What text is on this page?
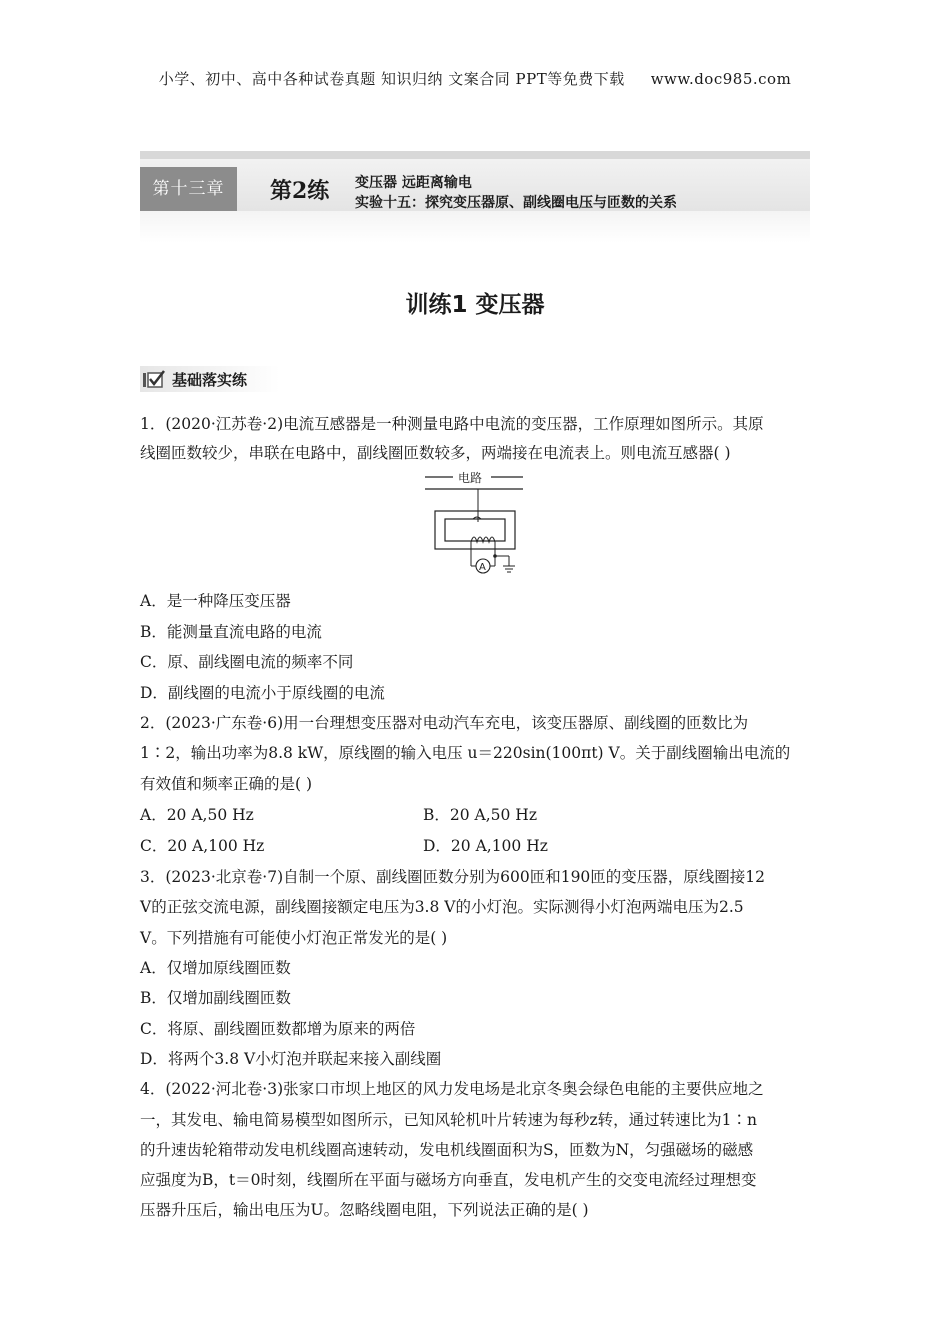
小学、初中、高中各种试卷真题 知识归纳 文案合同 PPT等免费下载 www.doc985.com
第十三章	第2练 变压器 远距离输电
实验十五：探究变压器原、副线圈电压与匝数的关系
训练1 变压器
基础落实练
1．(2020·江苏卷·2)电流互感器是一种测量电路中电流的变压器，工作原理如图所示。其原
线圈匝数较少，串联在电路中，副线圈匝数较多，两端接在电流表上。则电流互感器( )
电路
A
A．是一种降压变压器
B．能测量直流电路的电流
C．原、副线圈电流的频率不同
D．副线圈的电流小于原线圈的电流
2．(2023·广东卷·6)用一台理想变压器对电动汽车充电，该变压器原、副线圈的匝数比为
1∶2，输出功率为8.8 kW，原线圈的输入电压 u＝220sin(100πt) V。关于副线圈输出电流的
有效值和频率正确的是( )
A．20 A,50 Hz	B．20 A,50 Hz
C．20 A,100 Hz	D．20 A,100 Hz
3．(2023·北京卷·7)自制一个原、副线圈匝数分别为600匝和190匝的变压器，原线圈接12
V的正弦交流电源，副线圈接额定电压为3.8 V的小灯泡。实际测得小灯泡两端电压为2.5
V。下列措施有可能使小灯泡正常发光的是( )
A．仅增加原线圈匝数
B．仅增加副线圈匝数
C．将原、副线圈匝数都增为原来的两倍
D．将两个3.8 V小灯泡并联起来接入副线圈
4．(2022·河北卷·3)张家口市坝上地区的风力发电场是北京冬奥会绿色电能的主要供应地之
一，其发电、输电简易模型如图所示，已知风轮机叶片转速为每秒z转，通过转速比为1∶n
的升速齿轮箱带动发电机线圈高速转动，发电机线圈面积为S，匝数为N，匀强磁场的磁感
应强度为B，t＝0时刻，线圈所在平面与磁场方向垂直，发电机产生的交变电流经过理想变
压器升压后，输出电压为U。忽略线圈电阻，下列说法正确的是( )
